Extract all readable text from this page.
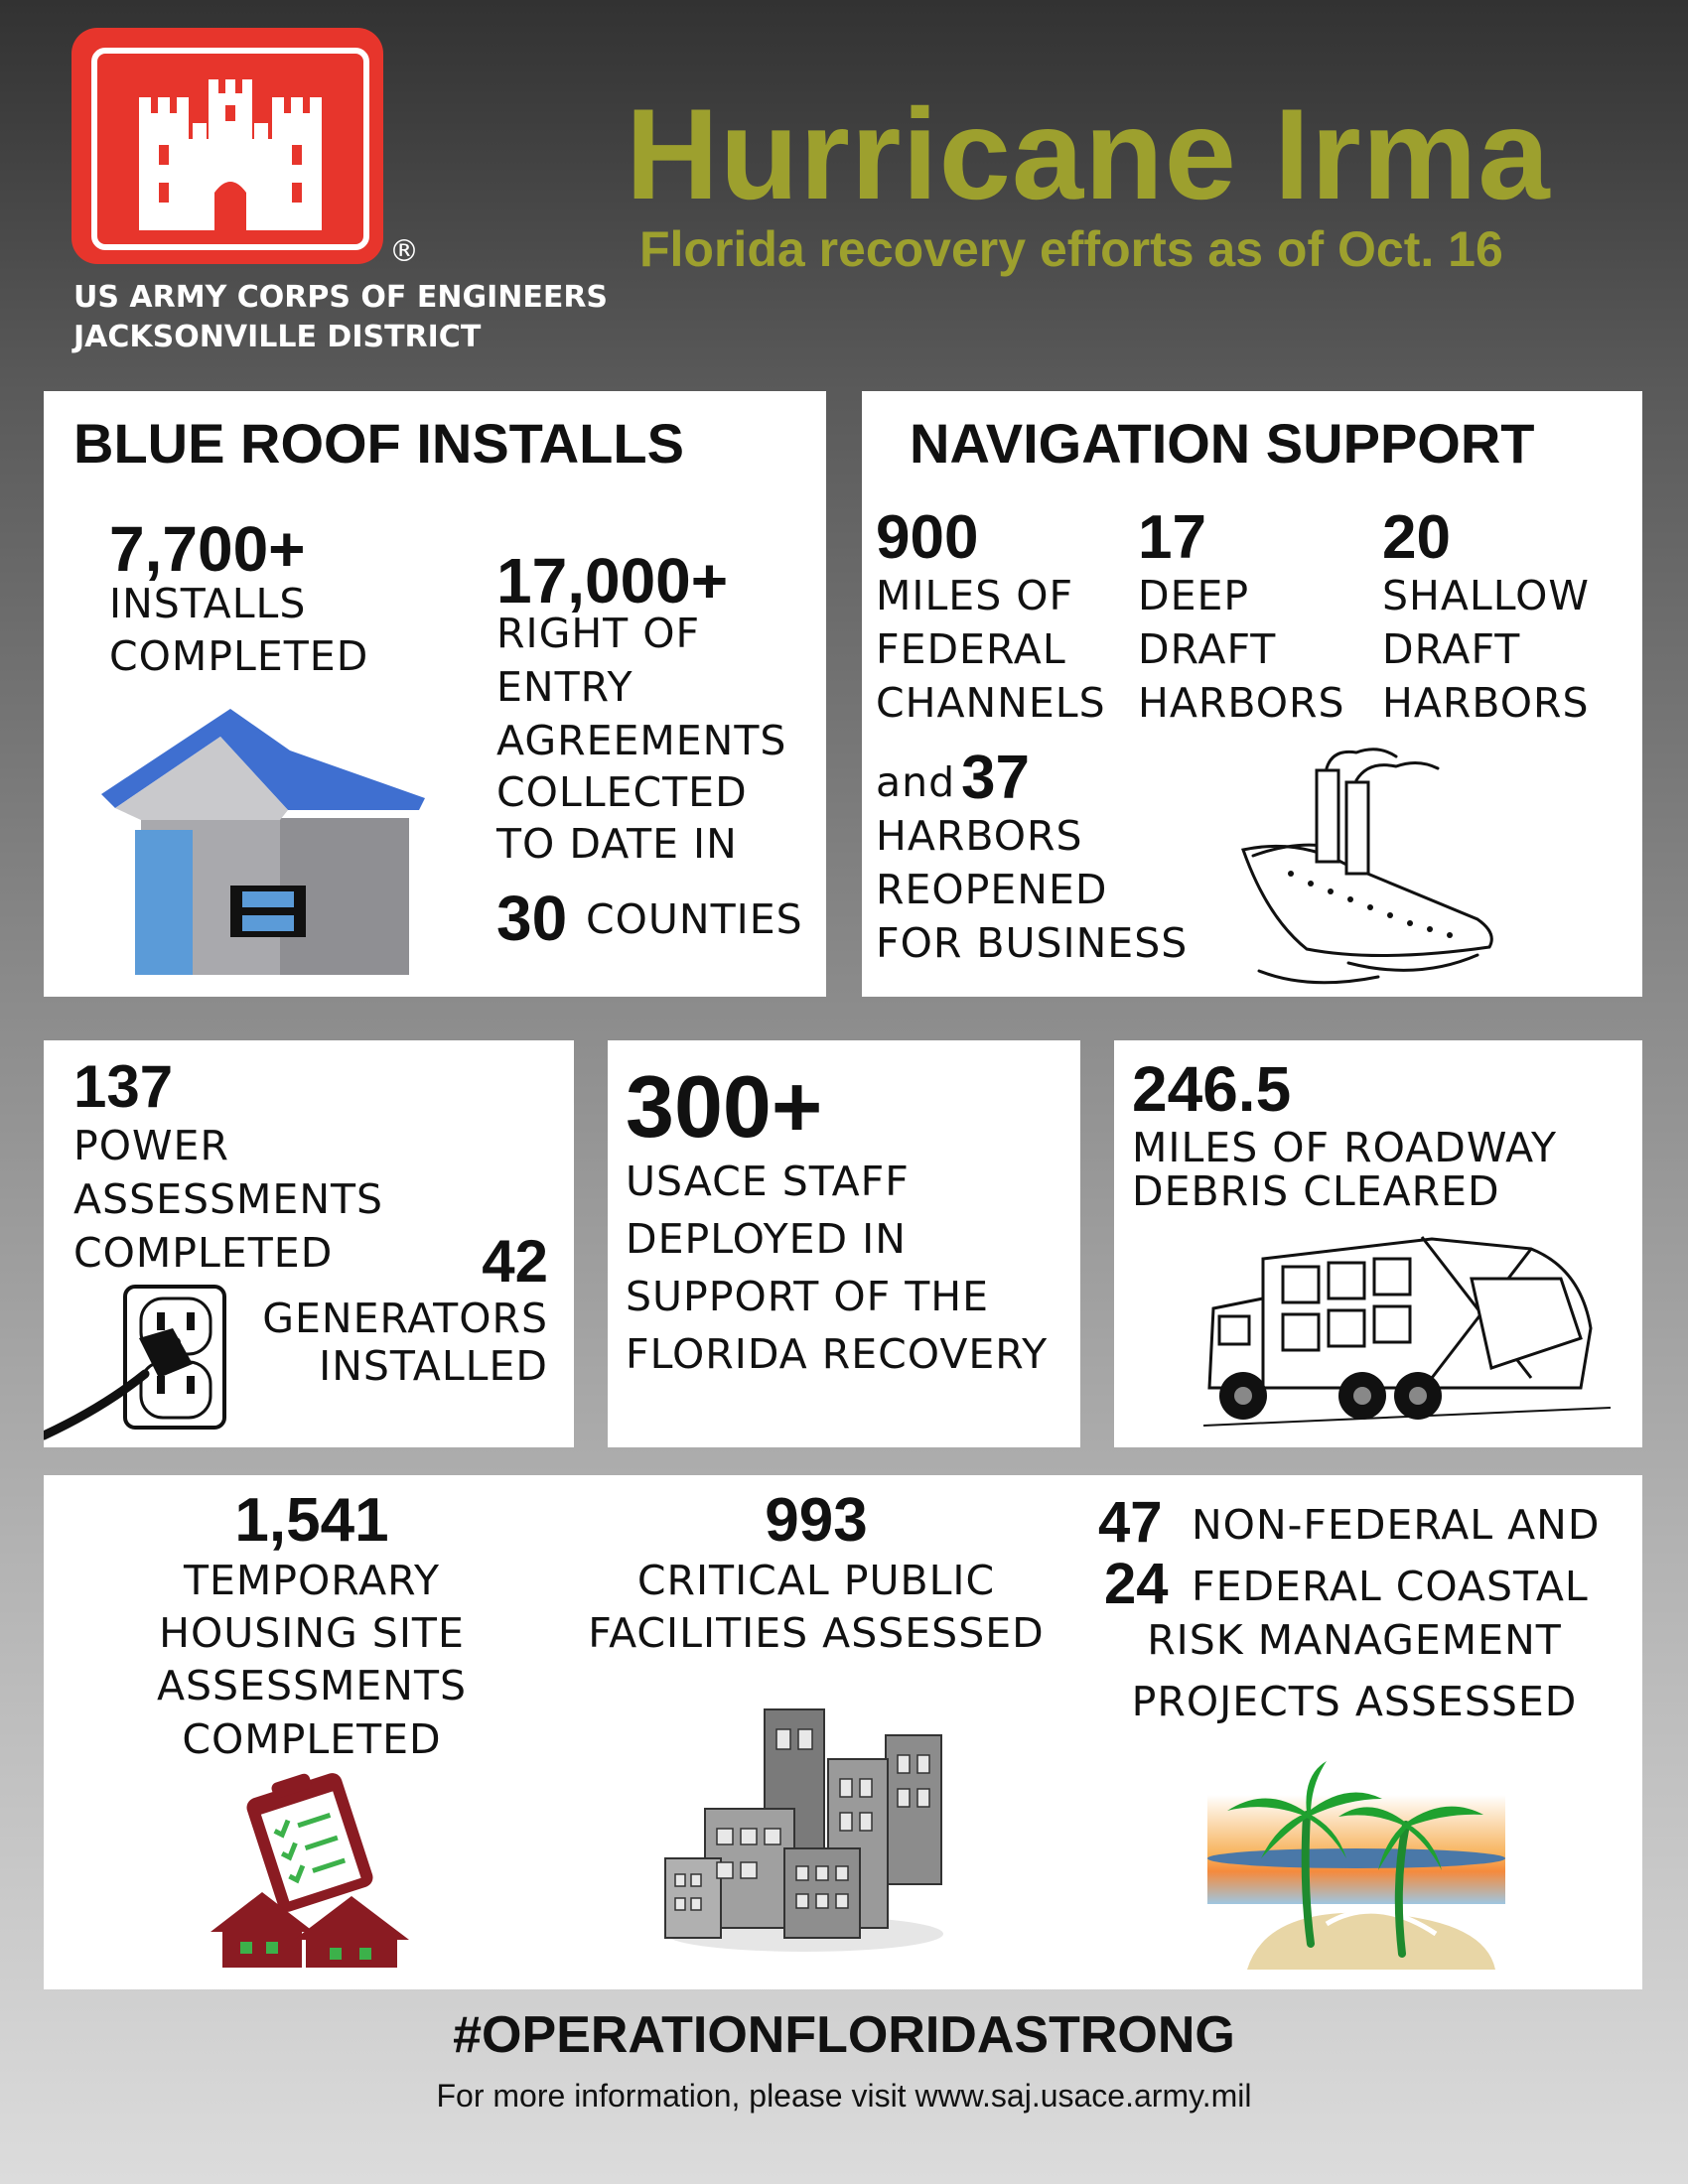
®
US ARMY CORPS OF ENGINEERS
JACKSONVILLE DISTRICT
Hurricane Irma
Florida recovery efforts as of Oct. 16
BLUE ROOF INSTALLS
7,700+
INSTALLS
COMPLETED
17,000+
RIGHT OF
ENTRY
AGREEMENTS
COLLECTED
TO DATE IN
30 COUNTIES
NAVIGATION SUPPORT
900
MILES OF
FEDERAL
CHANNELS
17
DEEP
DRAFT
HARBORS
20
SHALLOW
DRAFT
HARBORS
and 37
HARBORS
REOPENED
FOR BUSINESS
137
POWER
ASSESSMENTS
COMPLETED 42
GENERATORS
INSTALLED
300+
USACE STAFF
DEPLOYED IN
SUPPORT OF THE
FLORIDA RECOVERY
246.5
MILES OF ROADWAY
DEBRIS CLEARED
1,541
TEMPORARY
HOUSING SITE
ASSESSMENTS
COMPLETED
993
CRITICAL PUBLIC
FACILITIES ASSESSED
47 NON-FEDERAL AND
24 FEDERAL COASTAL
RISK MANAGEMENT
PROJECTS ASSESSED
#OPERATIONFLORIDASTRONG
For more information, please visit www.saj.usace.army.mil
